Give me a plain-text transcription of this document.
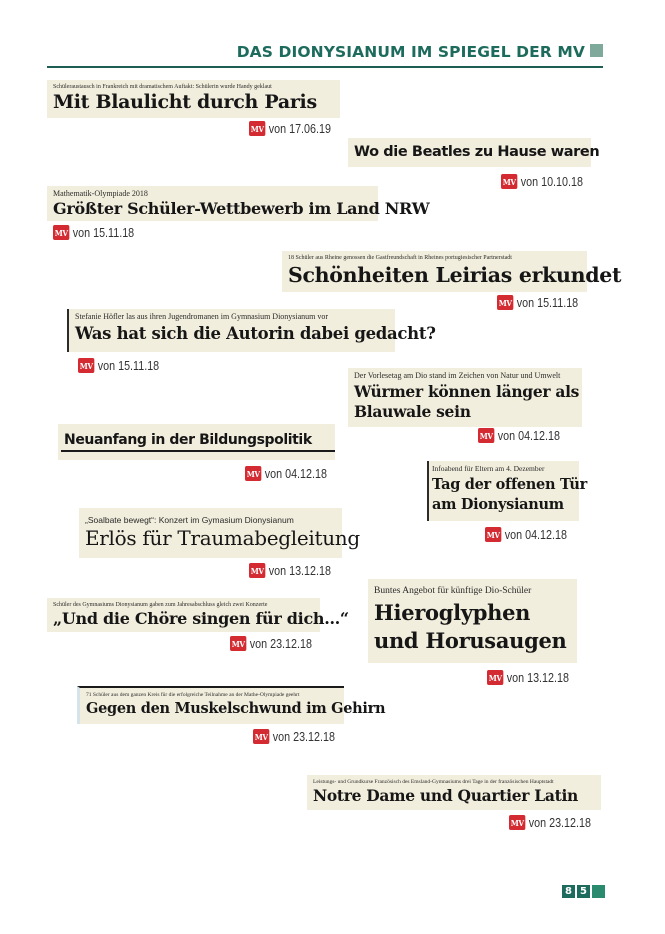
DAS DIONYSIANUM IM SPIEGEL DER MV
Schüleraustausch in Frankreich mit dramatischem Auftakt: Schülerin wurde Handy geklaut
Mit Blaulicht durch Paris
MV von 17.06.19
Wo die Beatles zu Hause waren
MV von 10.10.18
Mathematik-Olympiade 2018
Größter Schüler-Wettbewerb im Land NRW
MV von 15.11.18
18 Schüler aus Rheine genossen die Gastfreundschaft in Rheines portugiesischer Partnerstadt
Schönheiten Leirias erkundet
MV von 15.11.18
Stefanie Höfler las aus ihren Jugendromanen im Gymnasium Dionysianum vor
Was hat sich die Autorin dabei gedacht?
MV von 15.11.18
Der Vorlesetag am Dio stand im Zeichen von Natur und Umwelt
Würmer können länger als
Blauwale sein
MV von 04.12.18
Neuanfang in der Bildungspolitik
MV von 04.12.18	Infoabend für Eltern am 4. Dezember
Tag der offenen Tür
am Dionysianum
MV von 04.12.18
„Soalbate bewegt“: Konzert im Gymasium Dionysianum
Erlös für Traumabegleitung
MV von 13.12.18
Buntes Angebot für künftige Dio-Schüler
Hieroglyphen
und Horusaugen
MV von 13.12.18
Schüler des Gymnasiums Dionysianum gaben zum Jahresabschluss gleich zwei Konzerte
„Und die Chöre singen für dich…“
MV von 23.12.18
71 Schüler aus dem ganzen Kreis für die erfolgreiche Teilnahme an der Mathe-Olympiade geehrt
Gegen den Muskelschwund im Gehirn
MV von 23.12.18
Leistungs- und Grundkurse Französisch des Emsland-Gymnasiums drei Tage in der französischen Hauptstadt
Notre Dame und Quartier Latin
MV von 23.12.18
8 5
